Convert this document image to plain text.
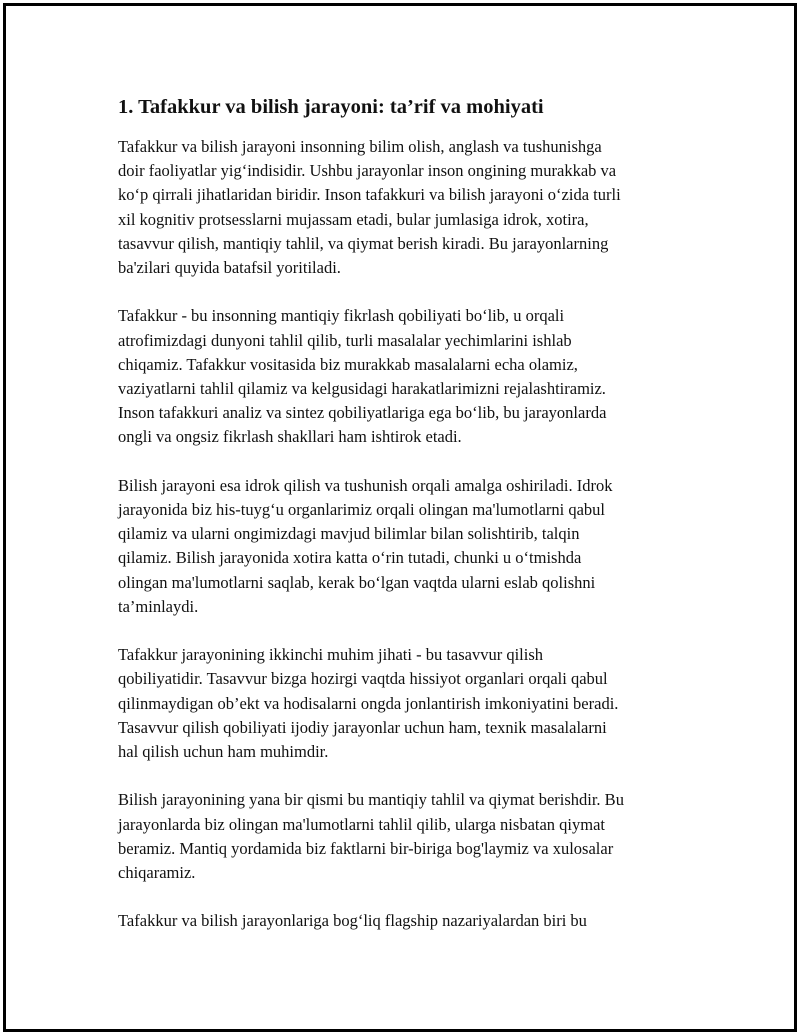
1. Tafakkur va bilish jarayoni: ta’rif va mohiyati

Tafakkur va bilish jarayoni insonning bilim olish, anglash va tushunishga
doir faoliyatlar yig‘indisidir. Ushbu jarayonlar inson ongining murakkab va
ko‘p qirrali jihatlaridan biridir. Inson tafakkuri va bilish jarayoni o‘zida turli
xil kognitiv protsesslarni mujassam etadi, bular jumlasiga idrok, xotira,
tasavvur qilish, mantiqiy tahlil, va qiymat berish kiradi. Bu jarayonlarning
ba'zilari quyida batafsil yoritiladi.

Tafakkur - bu insonning mantiqiy fikrlash qobiliyati bo‘lib, u orqali
atrofimizdagi dunyoni tahlil qilib, turli masalalar yechimlarini ishlab
chiqamiz. Tafakkur vositasida biz murakkab masalalarni echa olamiz,
vaziyatlarni tahlil qilamiz va kelgusidagi harakatlarimizni rejalashtiramiz.
Inson tafakkuri analiz va sintez qobiliyatlariga ega bo‘lib, bu jarayonlarda
ongli va ongsiz fikrlash shakllari ham ishtirok etadi.

Bilish jarayoni esa idrok qilish va tushunish orqali amalga oshiriladi. Idrok
jarayonida biz his-tuyg‘u organlarimiz orqali olingan ma'lumotlarni qabul
qilamiz va ularni ongimizdagi mavjud bilimlar bilan solishtirib, talqin
qilamiz. Bilish jarayonida xotira katta o‘rin tutadi, chunki u o‘tmishda
olingan ma'lumotlarni saqlab, kerak bo‘lgan vaqtda ularni eslab qolishni
ta’minlaydi.

Tafakkur jarayonining ikkinchi muhim jihati - bu tasavvur qilish
qobiliyatidir. Tasavvur bizga hozirgi vaqtda hissiyot organlari orqali qabul
qilinmaydigan ob’ekt va hodisalarni ongda jonlantirish imkoniyatini beradi.
Tasavvur qilish qobiliyati ijodiy jarayonlar uchun ham, texnik masalalarni
hal qilish uchun ham muhimdir.

Bilish jarayonining yana bir qismi bu mantiqiy tahlil va qiymat berishdir. Bu
jarayonlarda biz olingan ma'lumotlarni tahlil qilib, ularga nisbatan qiymat
beramiz. Mantiq yordamida biz faktlarni bir-biriga bog'laymiz va xulosalar
chiqaramiz.

Tafakkur va bilish jarayonlariga bog‘liq flagship nazariyalardan biri bu
